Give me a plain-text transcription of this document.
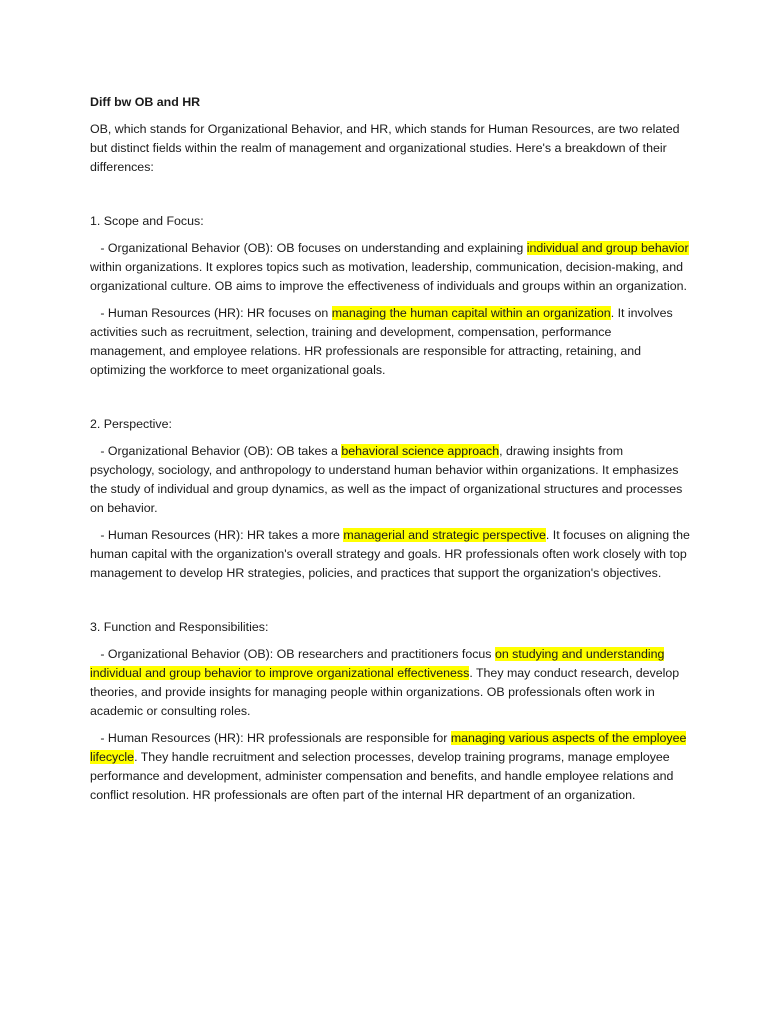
Diff bw OB and HR

OB, which stands for Organizational Behavior, and HR, which stands for Human Resources, are two related but distinct fields within the realm of management and organizational studies. Here's a breakdown of their differences:

1. Scope and Focus:

- Organizational Behavior (OB): OB focuses on understanding and explaining individual and group behavior within organizations. It explores topics such as motivation, leadership, communication, decision-making, and organizational culture. OB aims to improve the effectiveness of individuals and groups within an organization.

- Human Resources (HR): HR focuses on managing the human capital within an organization. It involves activities such as recruitment, selection, training and development, compensation, performance management, and employee relations. HR professionals are responsible for attracting, retaining, and optimizing the workforce to meet organizational goals.

2. Perspective:

- Organizational Behavior (OB): OB takes a behavioral science approach, drawing insights from psychology, sociology, and anthropology to understand human behavior within organizations. It emphasizes the study of individual and group dynamics, as well as the impact of organizational structures and processes on behavior.

- Human Resources (HR): HR takes a more managerial and strategic perspective. It focuses on aligning the human capital with the organization's overall strategy and goals. HR professionals often work closely with top management to develop HR strategies, policies, and practices that support the organization's objectives.

3. Function and Responsibilities:

- Organizational Behavior (OB): OB researchers and practitioners focus on studying and understanding individual and group behavior to improve organizational effectiveness. They may conduct research, develop theories, and provide insights for managing people within organizations. OB professionals often work in academic or consulting roles.

- Human Resources (HR): HR professionals are responsible for managing various aspects of the employee lifecycle. They handle recruitment and selection processes, develop training programs, manage employee performance and development, administer compensation and benefits, and handle employee relations and conflict resolution. HR professionals are often part of the internal HR department of an organization.
